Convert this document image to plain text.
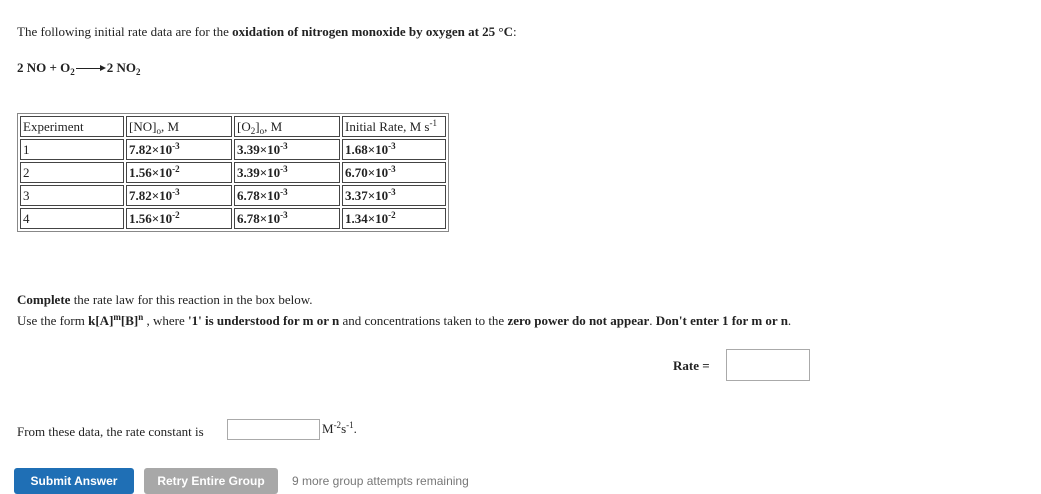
The following initial rate data are for the oxidation of nitrogen monoxide by oxygen at 25 °C:
2 NO + $O_2$ 2 $NO_2$
Experiment	$[NO]_o$, M	$[O_2]_o$, M	Initial Rate, M $s^{-1}$
1	$7.82\times 10^{-3}$	$3.39\times 10^{-3}$	$1.68\times 10^{-3}$
2	$1.56\times 10^{-2}$	$3.39\times 10^{-3}$	$6.70\times 10^{-3}$
3	$7.82\times 10^{-3}$	$6.78\times 10^{-3}$	$3.37\times 10^{-3}$
4	$1.56\times 10^{-2}$	$6.78\times 10^{-3}$	$1.34\times 10^{-2}$
Complete the rate law for this reaction in the box below.
Use the form $k[A]^m[B]^n$ , where '1' is understood for m or n and concentrations taken to the zero power do not appear. Don't enter 1 for m or n.
Rate =
From these data, the rate constant is	$M^{-2}s^{-1}$.
Submit Answer	Retry Entire Group	9 more group attempts remaining
